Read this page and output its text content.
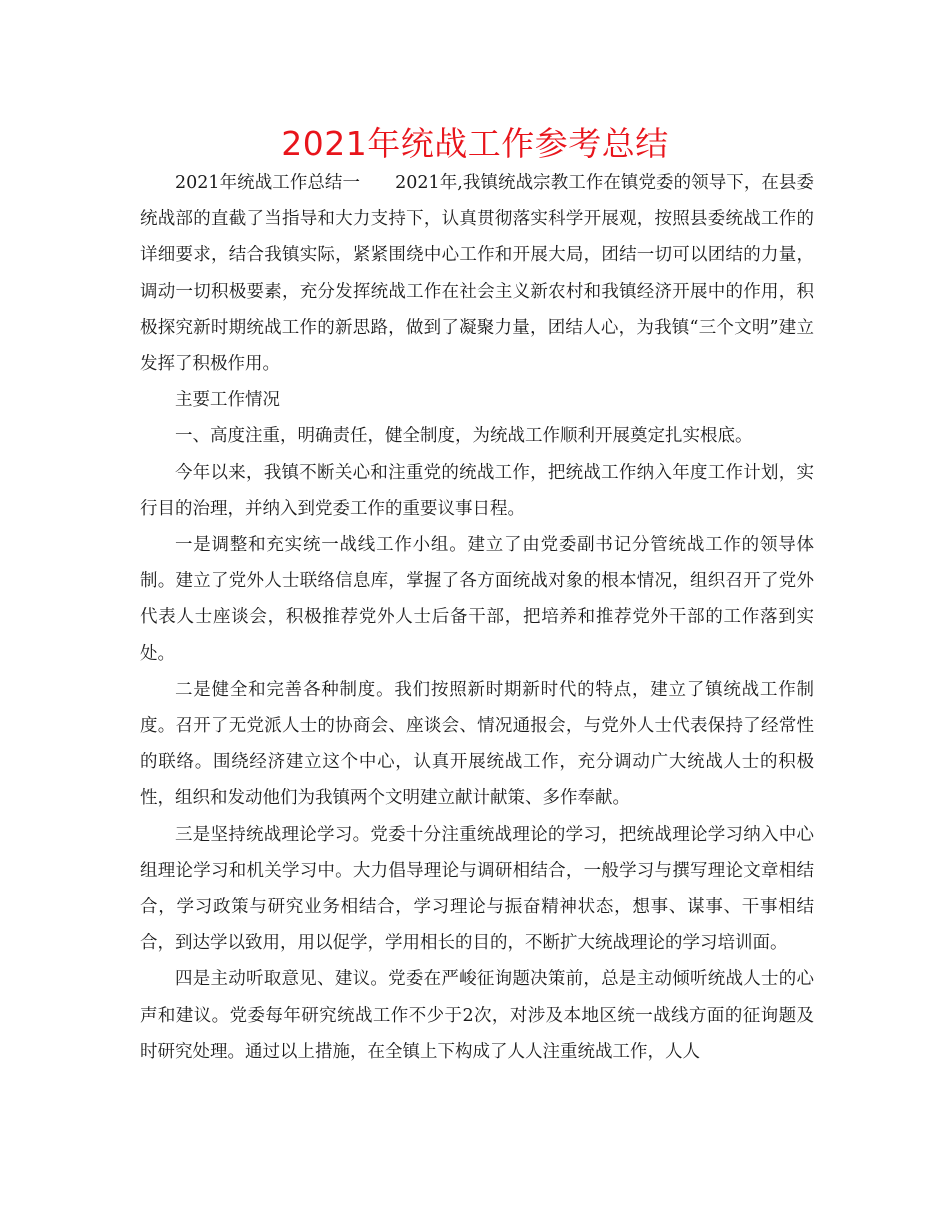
2021年统战工作参考总结

2021年统战工作总结一　　2021年,我镇统战宗教工作在镇党委的领导下，在县委统战部的直截了当指导和大力支持下，认真贯彻落实科学开展观，按照县委统战工作的详细要求，结合我镇实际，紧紧围绕中心工作和开展大局，团结一切可以团结的力量，调动一切积极要素，充分发挥统战工作在社会主义新农村和我镇经济开展中的作用，积极探究新时期统战工作的新思路，做到了凝聚力量，团结人心，为我镇“三个文明”建立发挥了积极作用。

主要工作情况

一、高度注重，明确责任，健全制度，为统战工作顺利开展奠定扎实根底。

今年以来，我镇不断关心和注重党的统战工作，把统战工作纳入年度工作计划，实行目的治理，并纳入到党委工作的重要议事日程。

一是调整和充实统一战线工作小组。建立了由党委副书记分管统战工作的领导体制。建立了党外人士联络信息库，掌握了各方面统战对象的根本情况，组织召开了党外代表人士座谈会，积极推荐党外人士后备干部，把培养和推荐党外干部的工作落到实处。

二是健全和完善各种制度。我们按照新时期新时代的特点，建立了镇统战工作制度。召开了无党派人士的协商会、座谈会、情况通报会，与党外人士代表保持了经常性的联络。围绕经济建立这个中心，认真开展统战工作，充分调动广大统战人士的积极性，组织和发动他们为我镇两个文明建立献计献策、多作奉献。

三是坚持统战理论学习。党委十分注重统战理论的学习，把统战理论学习纳入中心组理论学习和机关学习中。大力倡导理论与调研相结合，一般学习与撰写理论文章相结合，学习政策与研究业务相结合，学习理论与振奋精神状态，想事、谋事、干事相结合，到达学以致用，用以促学，学用相长的目的，不断扩大统战理论的学习培训面。

四是主动听取意见、建议。党委在严峻征询题决策前，总是主动倾听统战人士的心声和建议。党委每年研究统战工作不少于2次，对涉及本地区统一战线方面的征询题及时研究处理。通过以上措施，在全镇上下构成了人人注重统战工作，人人
